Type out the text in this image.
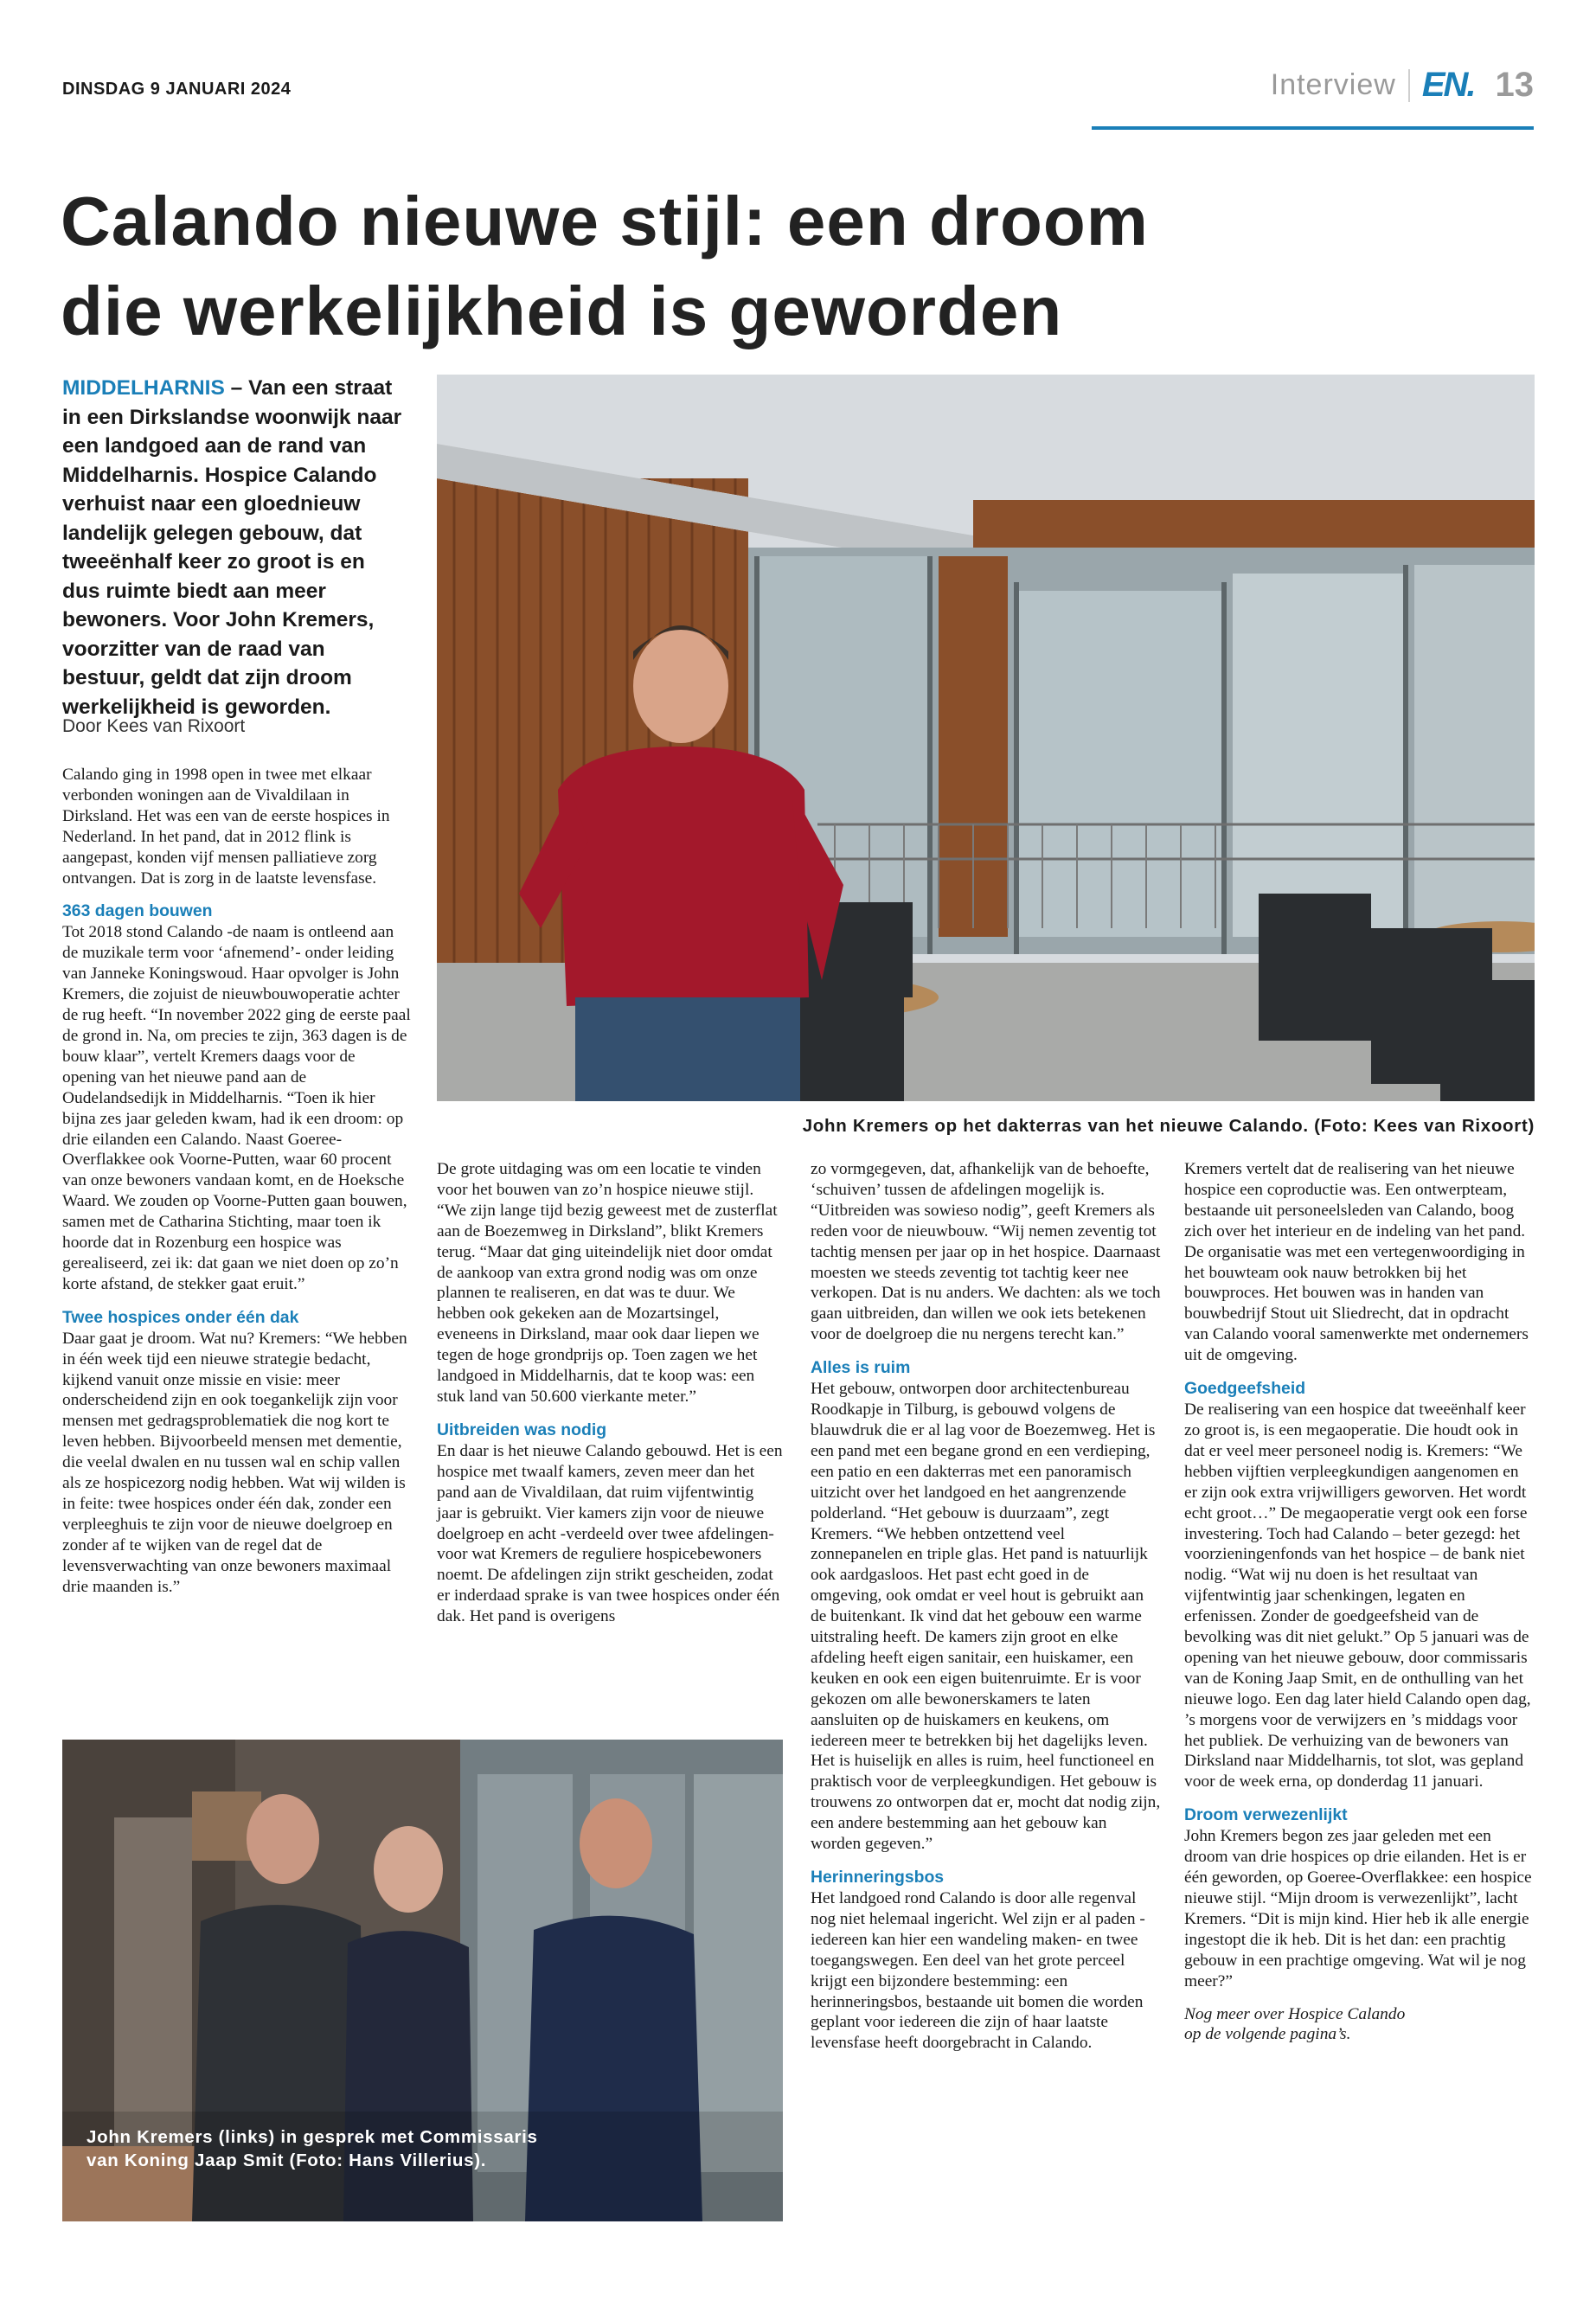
DINSDAG 9 JANUARI 2024	Interview EN. 13
Calando nieuwe stijl: een droom
die werkelijkheid is geworden
MIDDELHARNIS – Van een straat in een Dirkslandse woonwijk naar een landgoed aan de rand van Middelharnis. Hospice Calando verhuist naar een gloednieuw landelijk gelegen gebouw, dat tweeënhalf keer zo groot is en dus ruimte biedt aan meer bewoners. Voor John Kremers, voorzitter van de raad van bestuur, geldt dat zijn droom werkelijkheid is geworden.
Door Kees van Rixoort
John Kremers op het dakterras van het nieuwe Calando. (Foto: Kees van Rixoort)
John Kremers (links) in gesprek met Commissaris
van Koning Jaap Smit (Foto: Hans Villerius).

Calando ging in 1998 open in twee met elkaar verbonden woningen aan de Vivaldilaan in Dirksland. Het was een van de eerste hospices in Nederland. In het pand, dat in 2012 flink is aangepast, konden vijf mensen palliatieve zorg ontvangen. Dat is zorg in de laatste levensfase.

363 dagen bouwen

Tot 2018 stond Calando -de naam is ontleend aan de muzikale term voor ‘afnemend’- onder leiding van Janneke Koningswoud. Haar opvolger is John Kremers, die zojuist de nieuwbouwoperatie achter de rug heeft. “In november 2022 ging de eerste paal de grond in. Na, om precies te zijn, 363 dagen is de bouw klaar”, vertelt Kremers daags voor de opening van het nieuwe pand aan de Oudelandsedijk in Middelharnis. “Toen ik hier bijna zes jaar geleden kwam, had ik een droom: op drie eilanden een Calando. Naast Goeree-Overflakkee ook Voorne-Putten, waar 60 procent van onze bewoners vandaan komt, en de Hoeksche Waard. We zouden op Voorne-Putten gaan bouwen, samen met de Catharina Stichting, maar toen ik hoorde dat in Rozenburg een hospice was gerealiseerd, zei ik: dat gaan we niet doen op zo’n korte afstand, de stekker gaat eruit.”

Twee hospices onder één dak

Daar gaat je droom. Wat nu? Kremers: “We hebben in één week tijd een nieuwe strategie bedacht, kijkend vanuit onze missie en visie: meer onderscheidend zijn en ook toegankelijk zijn voor mensen met gedragsproblematiek die nog kort te leven hebben. Bijvoorbeeld mensen met dementie, die veelal dwalen en nu tussen wal en schip vallen als ze hospicezorg nodig hebben. Wat wij wilden is in feite: twee hospices onder één dak, zonder een verpleeghuis te zijn voor de nieuwe doelgroep en zonder af te wijken van de regel dat de levensverwachting van onze bewoners maximaal drie maanden is.”

De grote uitdaging was om een locatie te vinden voor het bouwen van zo’n hospice nieuwe stijl. “We zijn lange tijd bezig geweest met de zusterflat aan de Boezemweg in Dirksland”, blikt Kremers terug. “Maar dat ging uiteindelijk niet door omdat de aankoop van extra grond nodig was om onze plannen te realiseren, en dat was te duur. We hebben ook gekeken aan de Mozartsingel, eveneens in Dirksland, maar ook daar liepen we tegen de hoge grondprijs op. Toen zagen we het landgoed in Middelharnis, dat te koop was: een stuk land van 50.600 vierkante meter.”

Uitbreiden was nodig

En daar is het nieuwe Calando gebouwd. Het is een hospice met twaalf kamers, zeven meer dan het pand aan de Vivaldilaan, dat ruim vijfentwintig jaar is gebruikt. Vier kamers zijn voor de nieuwe doelgroep en acht -verdeeld over twee afdelingen- voor wat Kremers de reguliere hospicebewoners noemt. De afdelingen zijn strikt gescheiden, zodat er inderdaad sprake is van twee hospices onder één dak. Het pand is overigens

zo vormgegeven, dat, afhankelijk van de behoefte, ‘schuiven’ tussen de afdelingen mogelijk is. “Uitbreiden was sowieso nodig”, geeft Kremers als reden voor de nieuwbouw. “Wij nemen zeventig tot tachtig mensen per jaar op in het hospice. Daarnaast moesten we steeds zeventig tot tachtig keer nee verkopen. Dat is nu anders. We dachten: als we toch gaan uitbreiden, dan willen we ook iets betekenen voor de doelgroep die nu nergens terecht kan.”

Alles is ruim

Het gebouw, ontworpen door architectenbureau Roodkapje in Tilburg, is gebouwd volgens de blauwdruk die er al lag voor de Boezemweg. Het is een pand met een begane grond en een verdieping, een patio en een dakterras met een panoramisch uitzicht over het landgoed en het aangrenzende polderland. “Het gebouw is duurzaam”, zegt Kremers. “We hebben ontzettend veel zonnepanelen en triple glas. Het pand is natuurlijk ook aardgasloos. Het past echt goed in de omgeving, ook omdat er veel hout is gebruikt aan de buitenkant. Ik vind dat het gebouw een warme uitstraling heeft. De kamers zijn groot en elke afdeling heeft eigen sanitair, een huiskamer, een keuken en ook een eigen buitenruimte. Er is voor gekozen om alle bewonerskamers te laten aansluiten op de huiskamers en keukens, om iedereen meer te betrekken bij het dagelijks leven. Het is huiselijk en alles is ruim, heel functioneel en praktisch voor de verpleegkundigen. Het gebouw is trouwens zo ontworpen dat er, mocht dat nodig zijn, een andere bestemming aan het gebouw kan worden gegeven.”

Herinneringsbos

Het landgoed rond Calando is door alle regenval nog niet helemaal ingericht. Wel zijn er al paden -iedereen kan hier een wandeling maken- en twee toegangswegen. Een deel van het grote perceel krijgt een bijzondere bestemming: een herinneringsbos, bestaande uit bomen die worden geplant voor iedereen die zijn of haar laatste levensfase heeft doorgebracht in Calando.

Kremers vertelt dat de realisering van het nieuwe hospice een coproductie was. Een ontwerpteam, bestaande uit personeelsleden van Calando, boog zich over het interieur en de indeling van het pand. De organisatie was met een vertegenwoordiging in het bouwteam ook nauw betrokken bij het bouwproces. Het bouwen was in handen van bouwbedrijf Stout uit Sliedrecht, dat in opdracht van Calando vooral samenwerkte met ondernemers uit de omgeving.

Goedgeefsheid

De realisering van een hospice dat tweeënhalf keer zo groot is, is een megaoperatie. Die houdt ook in dat er veel meer personeel nodig is. Kremers: “We hebben vijftien verpleegkundigen aangenomen en er zijn ook extra vrijwilligers geworven. Het wordt echt groot…” De megaoperatie vergt ook een forse investering. Toch had Calando – beter gezegd: het voorzieningenfonds van het hospice – de bank niet nodig. “Wat wij nu doen is het resultaat van vijfentwintig jaar schenkingen, legaten en erfenissen. Zonder de goedgeefsheid van de bevolking was dit niet gelukt.” Op 5 januari was de opening van het nieuwe gebouw, door commissaris van de Koning Jaap Smit, en de onthulling van het nieuwe logo. Een dag later hield Calando open dag, ’s morgens voor de verwijzers en ’s middags voor het publiek. De verhuizing van de bewoners van Dirksland naar Middelharnis, tot slot, was gepland voor de week erna, op donderdag 11 januari.

Droom verwezenlijkt

John Kremers begon zes jaar geleden met een droom van drie hospices op drie eilanden. Het is er één geworden, op Goeree-Overflakkee: een hospice nieuwe stijl. “Mijn droom is verwezenlijkt”, lacht Kremers. “Dit is mijn kind. Hier heb ik alle energie ingestopt die ik heb. Dit is het dan: een prachtig gebouw in een prachtige omgeving. Wat wil je nog meer?”

Nog meer over Hospice Calando
op de volgende pagina’s.
